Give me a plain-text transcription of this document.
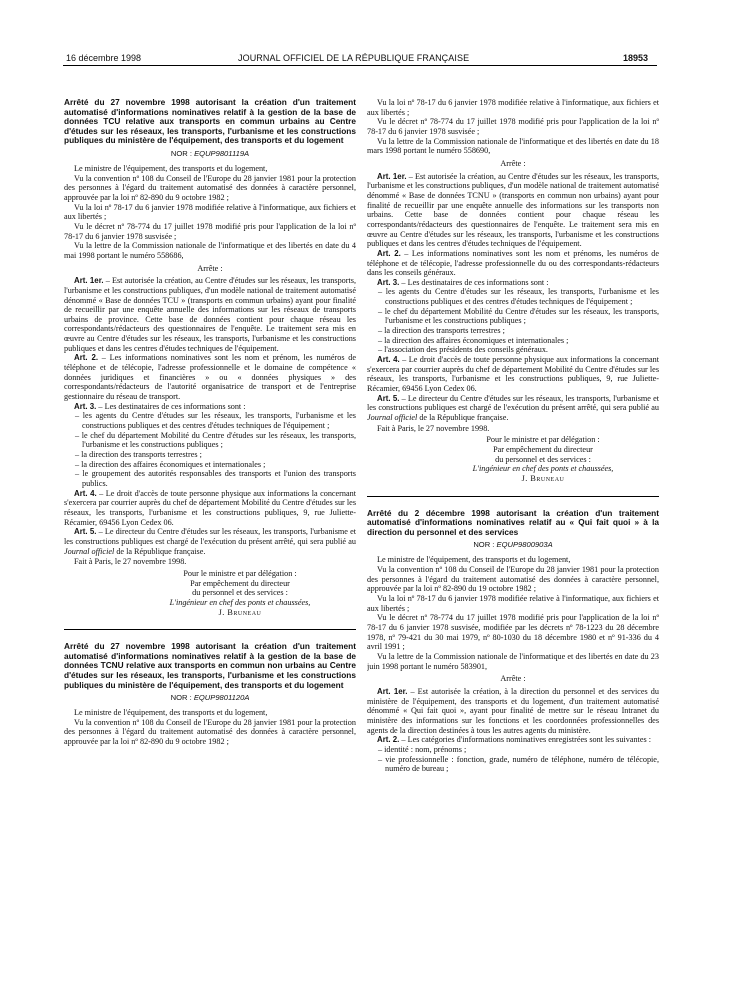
16 décembre 1998	JOURNAL OFFICIEL DE LA RÉPUBLIQUE FRANÇAISE	18953

Arrêté du 27 novembre 1998 autorisant la création d'un traitement automatisé d'informations nominatives relatif à la gestion de la base de données TCU relative aux transports en commun urbains au Centre d'études sur les réseaux, les transports, l'urbanisme et les constructions publiques du ministère de l'équipement, des transports et du logement

NOR : EQUP9801119A

Le ministre de l'équipement, des transports et du logement,

Vu la convention nº 108 du Conseil de l'Europe du 28 janvier 1981 pour la protection des personnes à l'égard du traitement automatisé des données à caractère personnel, approuvée par la loi nº 82-890 du 9 octobre 1982 ;

Vu la loi nº 78-17 du 6 janvier 1978 modifiée relative à l'informatique, aux fichiers et aux libertés ;

Vu le décret nº 78-774 du 17 juillet 1978 modifié pris pour l'application de la loi nº 78-17 du 6 janvier 1978 susvisée ;

Vu la lettre de la Commission nationale de l'informatique et des libertés en date du 4 mai 1998 portant le numéro 558686,

Arrête :

Art. 1er. – Est autorisée la création, au Centre d'études sur les réseaux, les transports, l'urbanisme et les constructions publiques, d'un modèle national de traitement automatisé dénommé « Base de données TCU » (transports en commun urbains) ayant pour finalité de recueillir par une enquête annuelle des informations sur les réseaux de transports urbains de province. Cette base de données contient pour chaque réseau les correspondants/rédacteurs des questionnaires de l'enquête. Le traitement sera mis en œuvre au Centre d'études sur les réseaux, les transports, l'urbanisme et les constructions publiques et dans les centres d'études techniques de l'équipement.

Art. 2. – Les informations nominatives sont les nom et prénom, les numéros de téléphone et de télécopie, l'adresse professionnelle et le domaine de compétence « données juridiques et financières » ou « données physiques » des correspondants/rédacteurs de l'autorité organisatrice de transport et de l'entreprise gestionnaire du réseau de transport.

Art. 3. – Les destinataires de ces informations sont :

– les agents du Centre d'études sur les réseaux, les transports, l'urbanisme et les constructions publiques et des centres d'études techniques de l'équipement ;
– le chef du département Mobilité du Centre d'études sur les réseaux, les transports, l'urbanisme et les constructions publiques ;
– la direction des transports terrestres ;
– la direction des affaires économiques et internationales ;
– le groupement des autorités responsables des transports et l'union des transports publics.

Art. 4. – Le droit d'accès de toute personne physique aux informations la concernant s'exercera par courrier auprès du chef de département Mobilité du Centre d'études sur les réseaux, les transports, l'urbanisme et les constructions publiques, 9, rue Juliette-Récamier, 69456 Lyon Cedex 06.

Art. 5. – Le directeur du Centre d'études sur les réseaux, les transports, l'urbanisme et les constructions publiques est chargé de l'exécution du présent arrêté, qui sera publié au Journal officiel de la République française.

Fait à Paris, le 27 novembre 1998.

Pour le ministre et par délégation :

Par empêchement du directeur

du personnel et des services :

L'ingénieur en chef des ponts et chaussées,

J. Bruneau

Arrêté du 27 novembre 1998 autorisant la création d'un traitement automatisé d'informations nominatives relatif à la gestion de la base de données TCNU relative aux transports en commun non urbains au Centre d'études sur les réseaux, les transports, l'urbanisme et les constructions publiques du ministère de l'équipement, des transports et du logement

NOR : EQUP9801120A

Le ministre de l'équipement, des transports et du logement,

Vu la convention nº 108 du Conseil de l'Europe du 28 janvier 1981 pour la protection des personnes à l'égard du traitement automatisé des données à caractère personnel, approuvée par la loi nº 82-890 du 9 octobre 1982 ;

Vu la loi nº 78-17 du 6 janvier 1978 modifiée relative à l'informatique, aux fichiers et aux libertés ;

Vu le décret nº 78-774 du 17 juillet 1978 modifié pris pour l'application de la loi nº 78-17 du 6 janvier 1978 susvisée ;

Vu la lettre de la Commission nationale de l'informatique et des libertés en date du 18 mars 1998 portant le numéro 558690,

Arrête :

Art. 1er. – Est autorisée la création, au Centre d'études sur les réseaux, les transports, l'urbanisme et les constructions publiques, d'un modèle national de traitement automatisé dénommé « Base de données TCNU » (transports en commun non urbains) ayant pour finalité de recueillir par une enquête annuelle des informations sur les transports non urbains. Cette base de données contient pour chaque réseau les correspondants/rédacteurs des questionnaires de l'enquête. Le traitement sera mis en œuvre au Centre d'études sur les réseaux, les transports, l'urbanisme et les constructions publiques et dans les centres d'études techniques de l'équipement.

Art. 2. – Les informations nominatives sont les nom et prénoms, les numéros de téléphone et de télécopie, l'adresse professionnelle du ou des correspondants-rédacteurs dans les conseils généraux.

Art. 3. – Les destinataires de ces informations sont :

– les agents du Centre d'études sur les réseaux, les transports, l'urbanisme et les constructions publiques et des centres d'études techniques de l'équipement ;
– le chef du département Mobilité du Centre d'études sur les réseaux, les transports, l'urbanisme et les constructions publiques ;
– la direction des transports terrestres ;
– la direction des affaires économiques et internationales ;
– l'association des présidents des conseils généraux.

Art. 4. – Le droit d'accès de toute personne physique aux informations la concernant s'exercera par courrier auprès du chef de département Mobilité du Centre d'études sur les réseaux, les transports, l'urbanisme et les constructions publiques, 9, rue Juliette-Récamier, 69456 Lyon Cedex 06.

Art. 5. – Le directeur du Centre d'études sur les réseaux, les transports, l'urbanisme et les constructions publiques est chargé de l'exécution du présent arrêté, qui sera publié au Journal officiel de la République française.

Fait à Paris, le 27 novembre 1998.

Pour le ministre et par délégation :

Par empêchement du directeur

du personnel et des services :

L'ingénieur en chef des ponts et chaussées,

J. Bruneau

Arrêté du 2 décembre 1998 autorisant la création d'un traitement automatisé d'informations nominatives relatif au « Qui fait quoi » à la direction du personnel et des services

NOR : EQUP9800903A

Le ministre de l'équipement, des transports et du logement,

Vu la convention nº 108 du Conseil de l'Europe du 28 janvier 1981 pour la protection des personnes à l'égard du traitement automatisé des données à caractère personnel, approuvée par la loi nº 82-890 du 19 octobre 1982 ;

Vu la loi nº 78-17 du 6 janvier 1978 modifiée relative à l'informatique, aux fichiers et aux libertés ;

Vu le décret nº 78-774 du 17 juillet 1978 modifié pris pour l'application de la loi nº 78-17 du 6 janvier 1978 susvisée, modifiée par les décrets nº 78-1223 du 28 décembre 1978, nº 79-421 du 30 mai 1979, nº 80-1030 du 18 décembre 1980 et nº 91-336 du 4 avril 1991 ;

Vu la lettre de la Commission nationale de l'informatique et des libertés en date du 23 juin 1998 portant le numéro 583901,

Arrête :

Art. 1er. – Est autorisée la création, à la direction du personnel et des services du ministère de l'équipement, des transports et du logement, d'un traitement automatisé dénommé « Qui fait quoi », ayant pour finalité de mettre sur le réseau Intranet du ministère des informations sur les fonctions et les coordonnées professionnelles des agents de la direction destinées à tous les autres agents du ministère.

Art. 2. – Les catégories d'informations nominatives enregistrées sont les suivantes :

– identité : nom, prénoms ;
– vie professionnelle : fonction, grade, numéro de téléphone, numéro de télécopie, numéro de bureau ;
